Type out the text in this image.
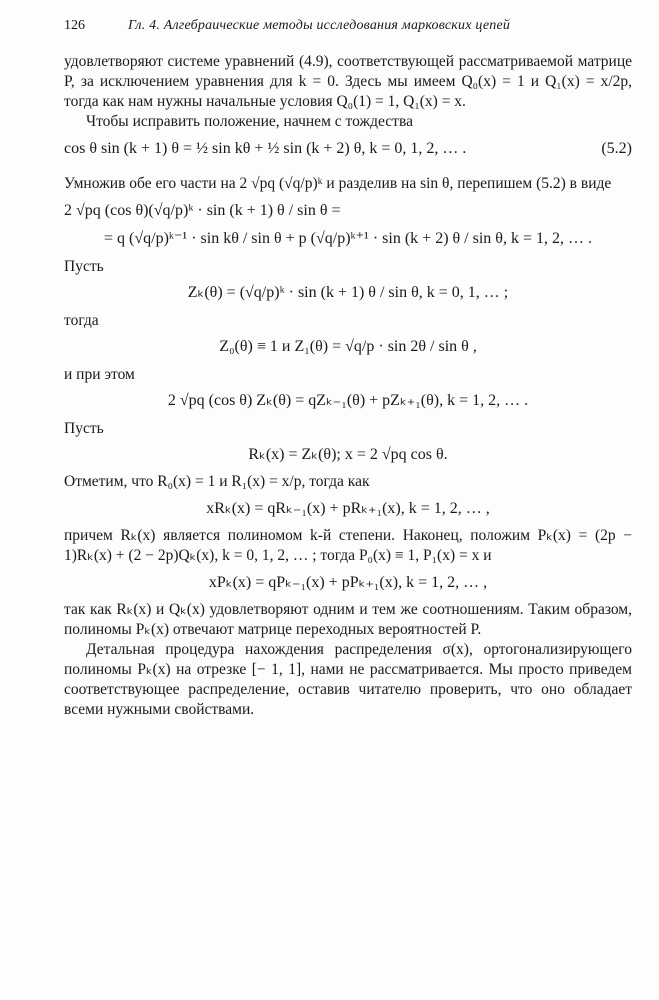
126	Гл. 4. Алгебраические методы исследования марковских цепей

удовлетворяют системе уравнений (4.9), соответствующей рассматриваемой матрице P, за исключением уравнения для k = 0. Здесь мы имеем Q₀(x) = 1 и Q₁(x) = x/2p, тогда как нам нужны начальные условия Q₀(1) = 1, Q₁(x) = x.

Чтобы исправить положение, начнем с тождества

cos θ sin (k + 1) θ = ½ sin kθ + ½ sin (k + 2) θ, k = 0, 1, 2, … .	(5.2)

Умножив обе его части на 2 √pq (√q/p)ᵏ и разделив на sin θ, перепишем (5.2) в виде

2 √pq (cos θ)(√q/p)ᵏ · sin (k + 1) θ / sin θ =
= q (√q/p)ᵏ⁻¹ · sin kθ / sin θ + p (√q/p)ᵏ⁺¹ · sin (k + 2) θ / sin θ, k = 1, 2, … .
Пусть
Zₖ(θ) = (√q/p)ᵏ · sin (k + 1) θ / sin θ, k = 0, 1, … ;
тогда
Z₀(θ) ≡ 1 и Z₁(θ) = √q/p · sin 2θ / sin θ ,
и при этом
2 √pq (cos θ) Zₖ(θ) = qZₖ₋₁(θ) + pZₖ₊₁(θ), k = 1, 2, … .
Пусть
Rₖ(x) = Zₖ(θ); x = 2 √pq cos θ.

Отметим, что R₀(x) = 1 и R₁(x) = x/p, тогда как

xRₖ(x) = qRₖ₋₁(x) + pRₖ₊₁(x), k = 1, 2, … ,

причем Rₖ(x) является полиномом k-й степени. Наконец, положим Pₖ(x) = (2p − 1)Rₖ(x) + (2 − 2p)Qₖ(x), k = 0, 1, 2, … ; тогда P₀(x) ≡ 1, P₁(x) = x и

xPₖ(x) = qPₖ₋₁(x) + pPₖ₊₁(x), k = 1, 2, … ,

так как Rₖ(x) и Qₖ(x) удовлетворяют одним и тем же соотношениям. Таким образом, полиномы Pₖ(x) отвечают матрице переходных вероятностей P.

Детальная процедура нахождения распределения σ(x), ортогонализирующего полиномы Pₖ(x) на отрезке [− 1, 1], нами не рассматривается. Мы просто приведем соответствующее распределение, оставив читателю проверить, что оно обладает всеми нужными свойствами.
